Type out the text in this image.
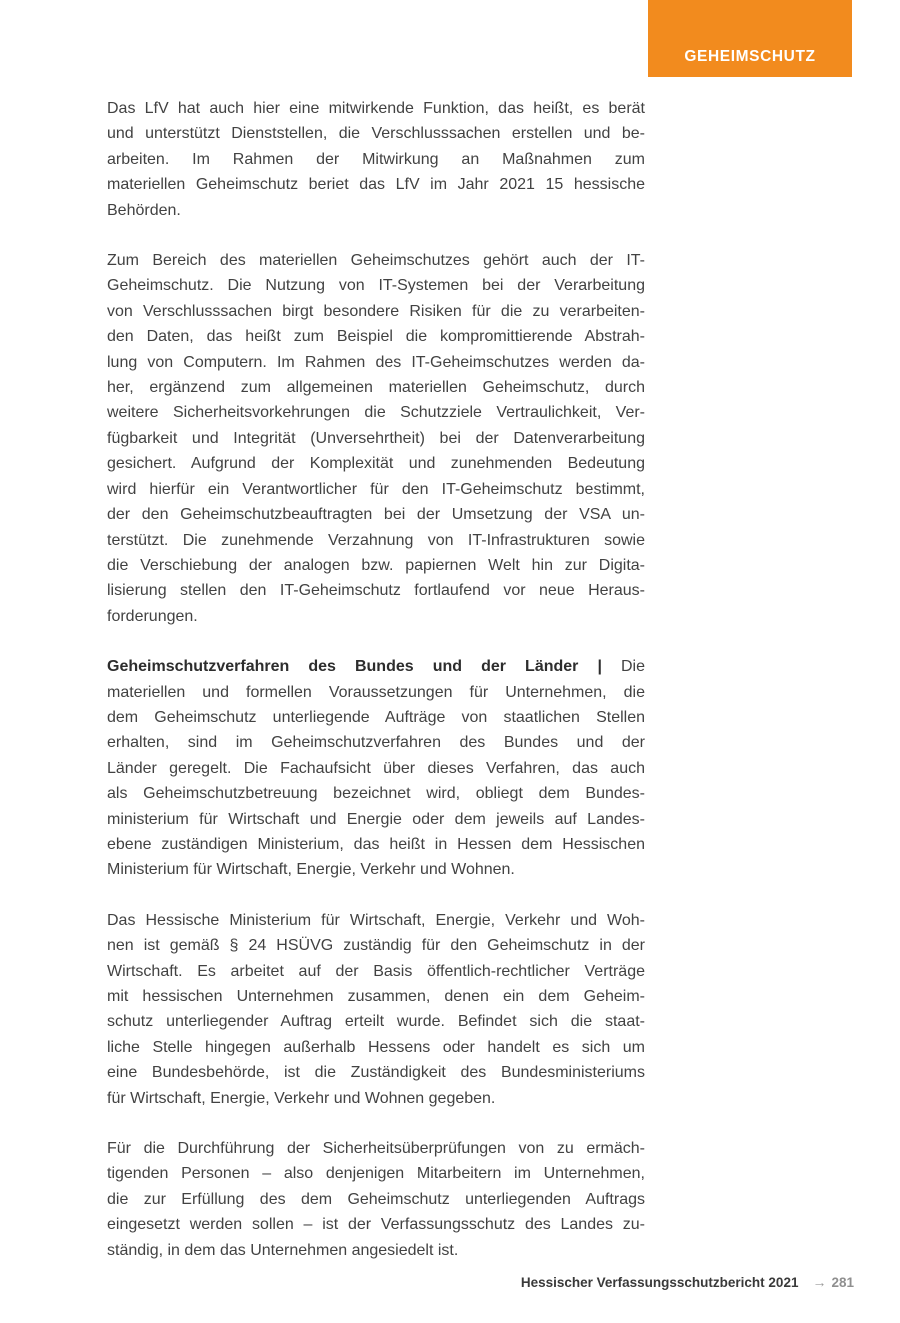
GEHEIMSCHUTZ
Das LfV hat auch hier eine mitwirkende Funktion, das heißt, es berät
und unterstützt Dienststellen, die Verschlusssachen erstellen und be-
arbeiten. Im Rahmen der Mitwirkung an Maßnahmen zum
materiellen Geheimschutz beriet das LfV im Jahr 2021 15 hessische
Behörden.
Zum Bereich des materiellen Geheimschutzes gehört auch der IT-
Geheimschutz. Die Nutzung von IT-Systemen bei der Verarbeitung
von Verschlusssachen birgt besondere Risiken für die zu verarbeiten-
den Daten, das heißt zum Beispiel die kompromittierende Abstrah-
lung von Computern. Im Rahmen des IT-Geheimschutzes werden da-
her, ergänzend zum allgemeinen materiellen Geheimschutz, durch
weitere Sicherheitsvorkehrungen die Schutzziele Vertraulichkeit, Ver-
fügbarkeit und Integrität (Unversehrtheit) bei der Datenverarbeitung
gesichert. Aufgrund der Komplexität und zunehmenden Bedeutung
wird hierfür ein Verantwortlicher für den IT-Geheimschutz bestimmt,
der den Geheimschutzbeauftragten bei der Umsetzung der VSA un-
terstützt. Die zunehmende Verzahnung von IT-Infrastrukturen sowie
die Verschiebung der analogen bzw. papiernen Welt hin zur Digita-
lisierung stellen den IT-Geheimschutz fortlaufend vor neue Heraus-
forderungen.
Geheimschutzverfahren des Bundes und der Länder | Die
materiellen und formellen Voraussetzungen für Unternehmen, die
dem Geheimschutz unterliegende Aufträge von staatlichen Stellen
erhalten, sind im Geheimschutzverfahren des Bundes und der
Länder geregelt. Die Fachaufsicht über dieses Verfahren, das auch
als Geheimschutzbetreuung bezeichnet wird, obliegt dem Bundes-
ministerium für Wirtschaft und Energie oder dem jeweils auf Landes-
ebene zuständigen Ministerium, das heißt in Hessen dem Hessischen
Ministerium für Wirtschaft, Energie, Verkehr und Wohnen.
Das Hessische Ministerium für Wirtschaft, Energie, Verkehr und Woh-
nen ist gemäß § 24 HSÜVG zuständig für den Geheimschutz in der
Wirtschaft. Es arbeitet auf der Basis öffentlich-rechtlicher Verträge
mit hessischen Unternehmen zusammen, denen ein dem Geheim-
schutz unterliegender Auftrag erteilt wurde. Befindet sich die staat-
liche Stelle hingegen außerhalb Hessens oder handelt es sich um
eine Bundesbehörde, ist die Zuständigkeit des Bundesministeriums
für Wirtschaft, Energie, Verkehr und Wohnen gegeben.
Für die Durchführung der Sicherheitsüberprüfungen von zu ermäch-
tigenden Personen – also denjenigen Mitarbeitern im Unternehmen,
die zur Erfüllung des dem Geheimschutz unterliegenden Auftrags
eingesetzt werden sollen – ist der Verfassungsschutz des Landes zu-
ständig, in dem das Unternehmen angesiedelt ist.
Hessischer Verfassungsschutzbericht 2021 → 281
